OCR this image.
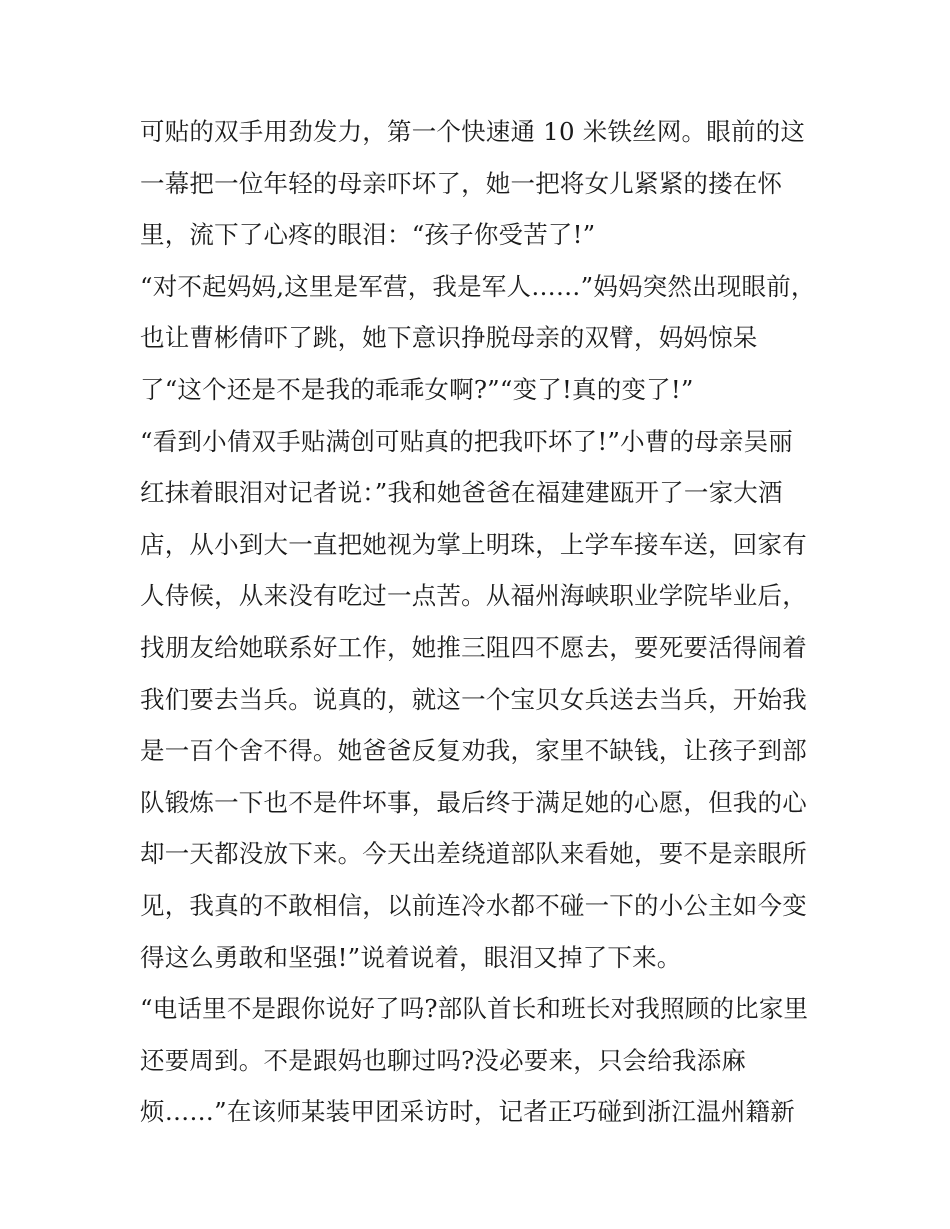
可贴的双手用劲发力，第一个快速通 10 米铁丝网。眼前的这
一幕把一位年轻的母亲吓坏了，她一把将女儿紧紧的搂在怀
里，流下了心疼的眼泪：“孩子你受苦了!”
“对不起妈妈,这里是军营，我是军人……”妈妈突然出现眼前，
也让曹彬倩吓了跳，她下意识挣脱母亲的双臂，妈妈惊呆
了“这个还是不是我的乖乖女啊?”“变了!真的变了!”
“看到小倩双手贴满创可贴真的把我吓坏了!”小曹的母亲吴丽
红抹着眼泪对记者说：”我和她爸爸在福建建瓯开了一家大酒
店，从小到大一直把她视为掌上明珠，上学车接车送，回家有
人侍候，从来没有吃过一点苦。从福州海峡职业学院毕业后，
找朋友给她联系好工作，她推三阻四不愿去，要死要活得闹着
我们要去当兵。说真的，就这一个宝贝女兵送去当兵，开始我
是一百个舍不得。她爸爸反复劝我，家里不缺钱，让孩子到部
队锻炼一下也不是件坏事，最后终于满足她的心愿，但我的心
却一天都没放下来。今天出差绕道部队来看她，要不是亲眼所
见，我真的不敢相信，以前连冷水都不碰一下的小公主如今变
得这么勇敢和坚强!”说着说着，眼泪又掉了下来。
“电话里不是跟你说好了吗?部队首长和班长对我照顾的比家里
还要周到。不是跟妈也聊过吗?没必要来，只会给我添麻
烦……”在该师某装甲团采访时，记者正巧碰到浙江温州籍新
